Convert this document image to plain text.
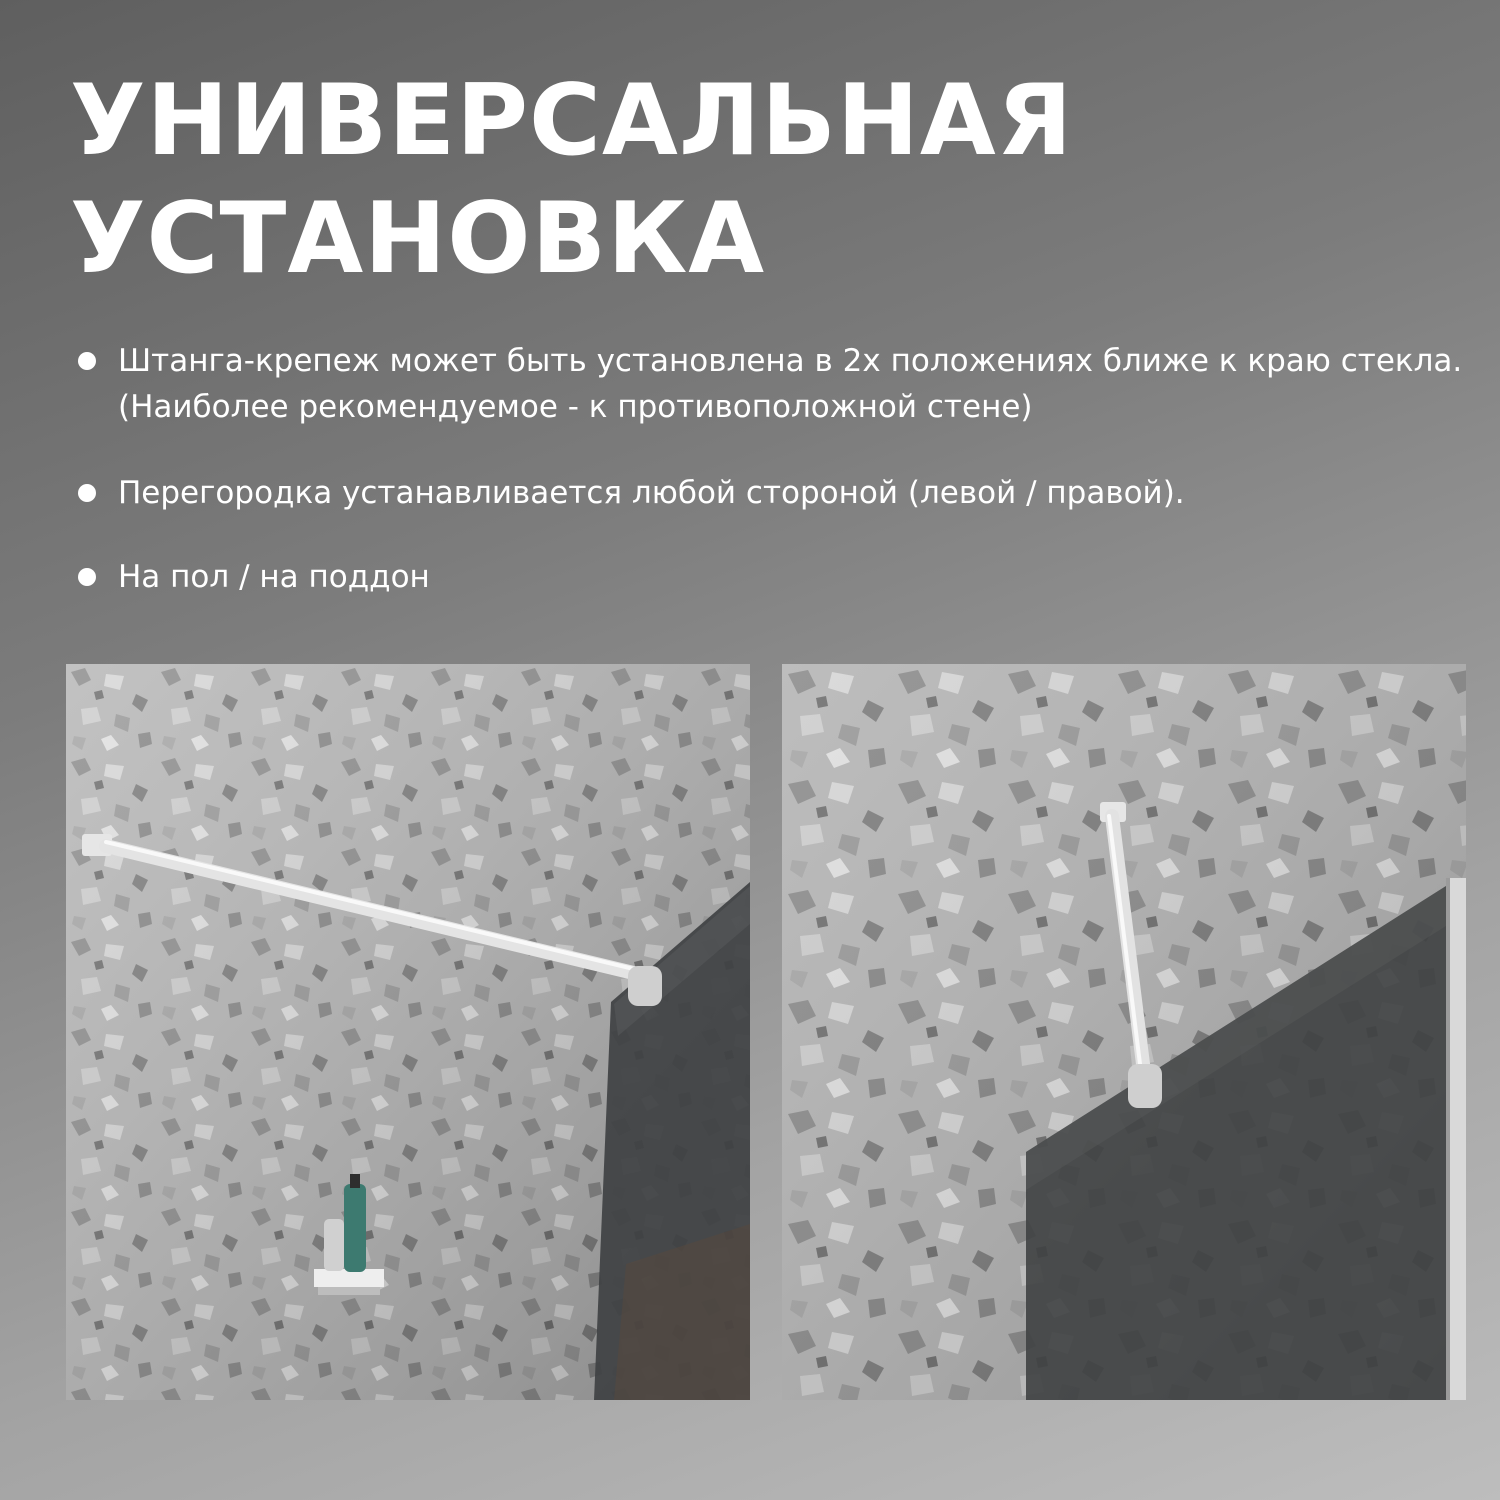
УНИВЕРСАЛЬНАЯ
УСТАНОВКА
Штанга-крепеж может быть установлена в 2х положениях ближе к краю стекла. (Наиболее рекомендуемое - к противоположной стене)
Перегородка устанавливается любой стороной (левой / правой).
На пол / на поддон
